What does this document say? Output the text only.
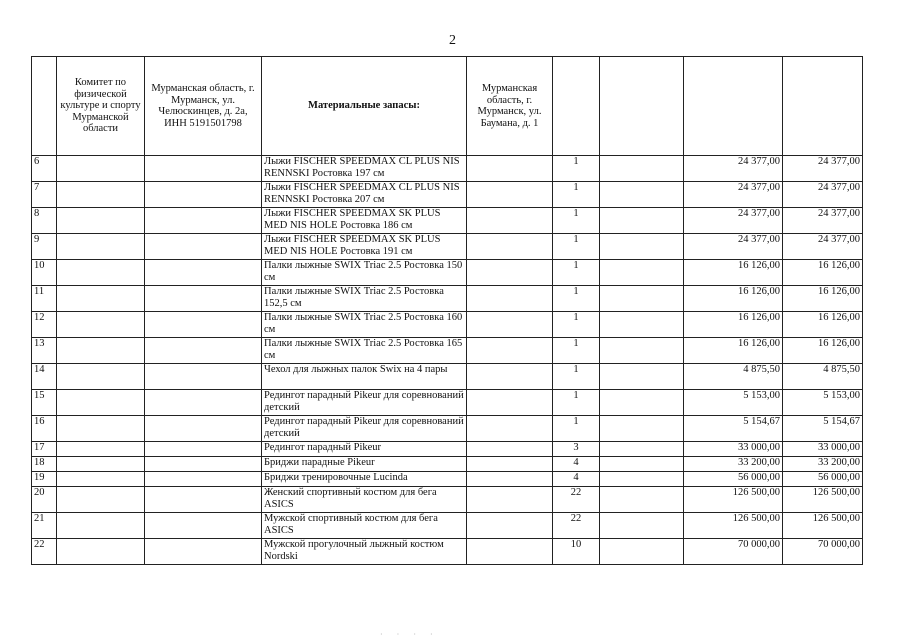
2
	Комитет по физической культуре и спорту Мурманской области	Мурманская область, г. Мурманск, ул. Челюскинцев, д. 2а, ИНН 5191501798	Материальные запасы:	Мурманская область, г. Мурманск, ул. Баумана, д. 1				
6			Лыжи FISCHER SPEEDMAX CL PLUS NIS RENNSKI Ростовка 197 см		1		24 377,00	24 377,00
7			Лыжи FISCHER SPEEDMAX CL PLUS NIS RENNSKI Ростовка 207 см		1		24 377,00	24 377,00
8			Лыжи FISCHER SPEEDMAX SK PLUS MED NIS HOLE Ростовка 186 см		1		24 377,00	24 377,00
9			Лыжи FISCHER SPEEDMAX SK PLUS MED NIS HOLE Ростовка 191 см		1		24 377,00	24 377,00
10			Палки лыжные SWIX Triac 2.5 Ростовка 150 см		1		16 126,00	16 126,00
11			Палки лыжные SWIX Triac 2.5 Ростовка 152,5 см		1		16 126,00	16 126,00
12			Палки лыжные SWIX Triac 2.5 Ростовка 160 см		1		16 126,00	16 126,00
13			Палки лыжные SWIX Triac 2.5 Ростовка 165 см		1		16 126,00	16 126,00
14			Чехол для лыжных палок Swix на 4 пары		1		4 875,50	4 875,50
15			Редингот парадный Pikeur для соревнований детский		1		5 153,00	5 153,00
16			Редингот парадный Pikeur для соревнований детский		1		5 154,67	5 154,67
17			Редингот парадный Pikeur		3		33 000,00	33 000,00
18			Бриджи парадные Pikeur		4		33 200,00	33 200,00
19			Бриджи тренировочные Lucinda		4		56 000,00	56 000,00
20			Женский спортивный костюм для бега ASICS		22		126 500,00	126 500,00
21			Мужской спортивный костюм для бега ASICS		22		126 500,00	126 500,00
22			Мужской прогулочный лыжный костюм Nordski		10		70 000,00	70 000,00
· · · ·
